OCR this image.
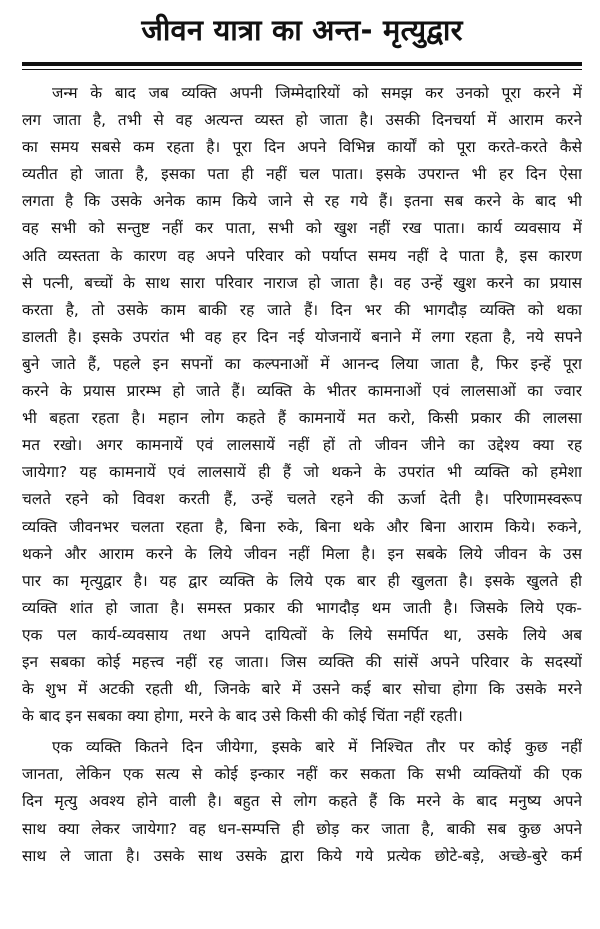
जीवन यात्रा का अन्त- मृत्युद्वार
जन्म के बाद जब व्यक्ति अपनी जिम्मेदारियों को समझ कर उनको पूरा करने में
लग जाता है, तभी से वह अत्यन्त व्यस्त हो जाता है। उसकी दिनचर्या में आराम करने
का समय सबसे कम रहता है। पूरा दिन अपने विभिन्न कार्यों को पूरा करते-करते कैसे
व्यतीत हो जाता है, इसका पता ही नहीं चल पाता। इसके उपरान्त भी हर दिन ऐसा
लगता है कि उसके अनेक काम किये जाने से रह गये हैं। इतना सब करने के बाद भी
वह सभी को सन्तुष्ट नहीं कर पाता, सभी को खुश नहीं रख पाता। कार्य व्यवसाय में
अति व्यस्तता के कारण वह अपने परिवार को पर्याप्त समय नहीं दे पाता है, इस कारण
से पत्नी, बच्चों के साथ सारा परिवार नाराज हो जाता है। वह उन्हें खुश करने का प्रयास
करता है, तो उसके काम बाकी रह जाते हैं। दिन भर की भागदौड़ व्यक्ति को थका
डालती है। इसके उपरांत भी वह हर दिन नई योजनायें बनाने में लगा रहता है, नये सपने
बुने जाते हैं, पहले इन सपनों का कल्पनाओं में आनन्द लिया जाता है, फिर इन्हें पूरा
करने के प्रयास प्रारम्भ हो जाते हैं। व्यक्ति के भीतर कामनाओं एवं लालसाओं का ज्वार
भी बहता रहता है। महान लोग कहते हैं कामनायें मत करो, किसी प्रकार की लालसा
मत रखो। अगर कामनायें एवं लालसायें नहीं हों तो जीवन जीने का उद्देश्य क्या रह
जायेगा? यह कामनायें एवं लालसायें ही हैं जो थकने के उपरांत भी व्यक्ति को हमेशा
चलते रहने को विवश करती हैं, उन्हें चलते रहने की ऊर्जा देती है। परिणामस्वरूप
व्यक्ति जीवनभर चलता रहता है, बिना रुके, बिना थके और बिना आराम किये। रुकने,
थकने और आराम करने के लिये जीवन नहीं मिला है। इन सबके लिये जीवन के उस
पार का मृत्युद्वार है। यह द्वार व्यक्ति के लिये एक बार ही खुलता है। इसके खुलते ही
व्यक्ति शांत हो जाता है। समस्त प्रकार की भागदौड़ थम जाती है। जिसके लिये एक-
एक पल कार्य-व्यवसाय तथा अपने दायित्वों के लिये समर्पित था, उसके लिये अब
इन सबका कोई महत्त्व नहीं रह जाता। जिस व्यक्ति की सांसें अपने परिवार के सदस्यों
के शुभ में अटकी रहती थी, जिनके बारे में उसने कई बार सोचा होगा कि उसके मरने
के बाद इन सबका क्या होगा, मरने के बाद उसे किसी की कोई चिंता नहीं रहती।
एक व्यक्ति कितने दिन जीयेगा, इसके बारे में निश्चित तौर पर कोई कुछ नहीं
जानता, लेकिन एक सत्य से कोई इन्कार नहीं कर सकता कि सभी व्यक्तियों की एक
दिन मृत्यु अवश्य होने वाली है। बहुत से लोग कहते हैं कि मरने के बाद मनुष्य अपने
साथ क्या लेकर जायेगा? वह धन-सम्पत्ति ही छोड़ कर जाता है, बाकी सब कुछ अपने
साथ ले जाता है। उसके साथ उसके द्वारा किये गये प्रत्येक छोटे-बड़े, अच्छे-बुरे कर्म
